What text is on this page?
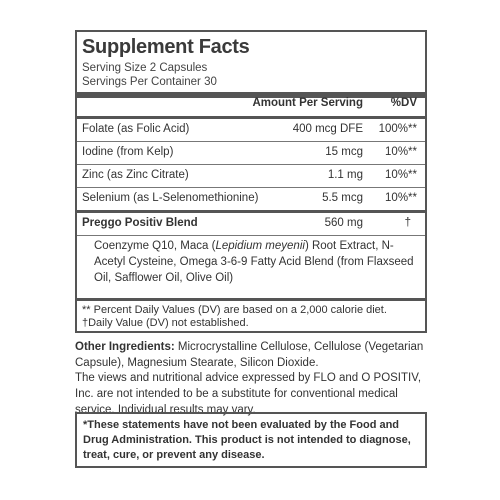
Supplement Facts
Serving Size 2 Capsules
Servings Per Container 30
Amount Per Serving %DV
Folate (as Folic Acid)	400 mcg DFE 100%**
Iodine (from Kelp)	15 mcg 10%**
Zinc (as Zinc Citrate)	1.1 mg 10%**
Selenium (as L-Selenomethionine)	5.5 mcg 10%**
Preggo Positiv Blend	560 mg	†
Coenzyme Q10, Maca (Lepidium meyenii) Root Extract, N-Acetyl Cysteine, Omega 3-6-9 Fatty Acid Blend (from Flaxseed Oil, Safflower Oil, Olive Oil)
** Percent Daily Values (DV) are based on a 2,000 calorie diet.
†Daily Value (DV) not established.
Other Ingredients: Microcrystalline Cellulose, Cellulose (Vegetarian Capsule), Magnesium Stearate, Silicon Dioxide.
The views and nutritional advice expressed by FLO and O POSITIV, Inc. are not intended to be a substitute for conventional medical service. Individual results may vary.
*These statements have not been evaluated by the Food and Drug Administration. This product is not intended to diagnose, treat, cure, or prevent any disease.
